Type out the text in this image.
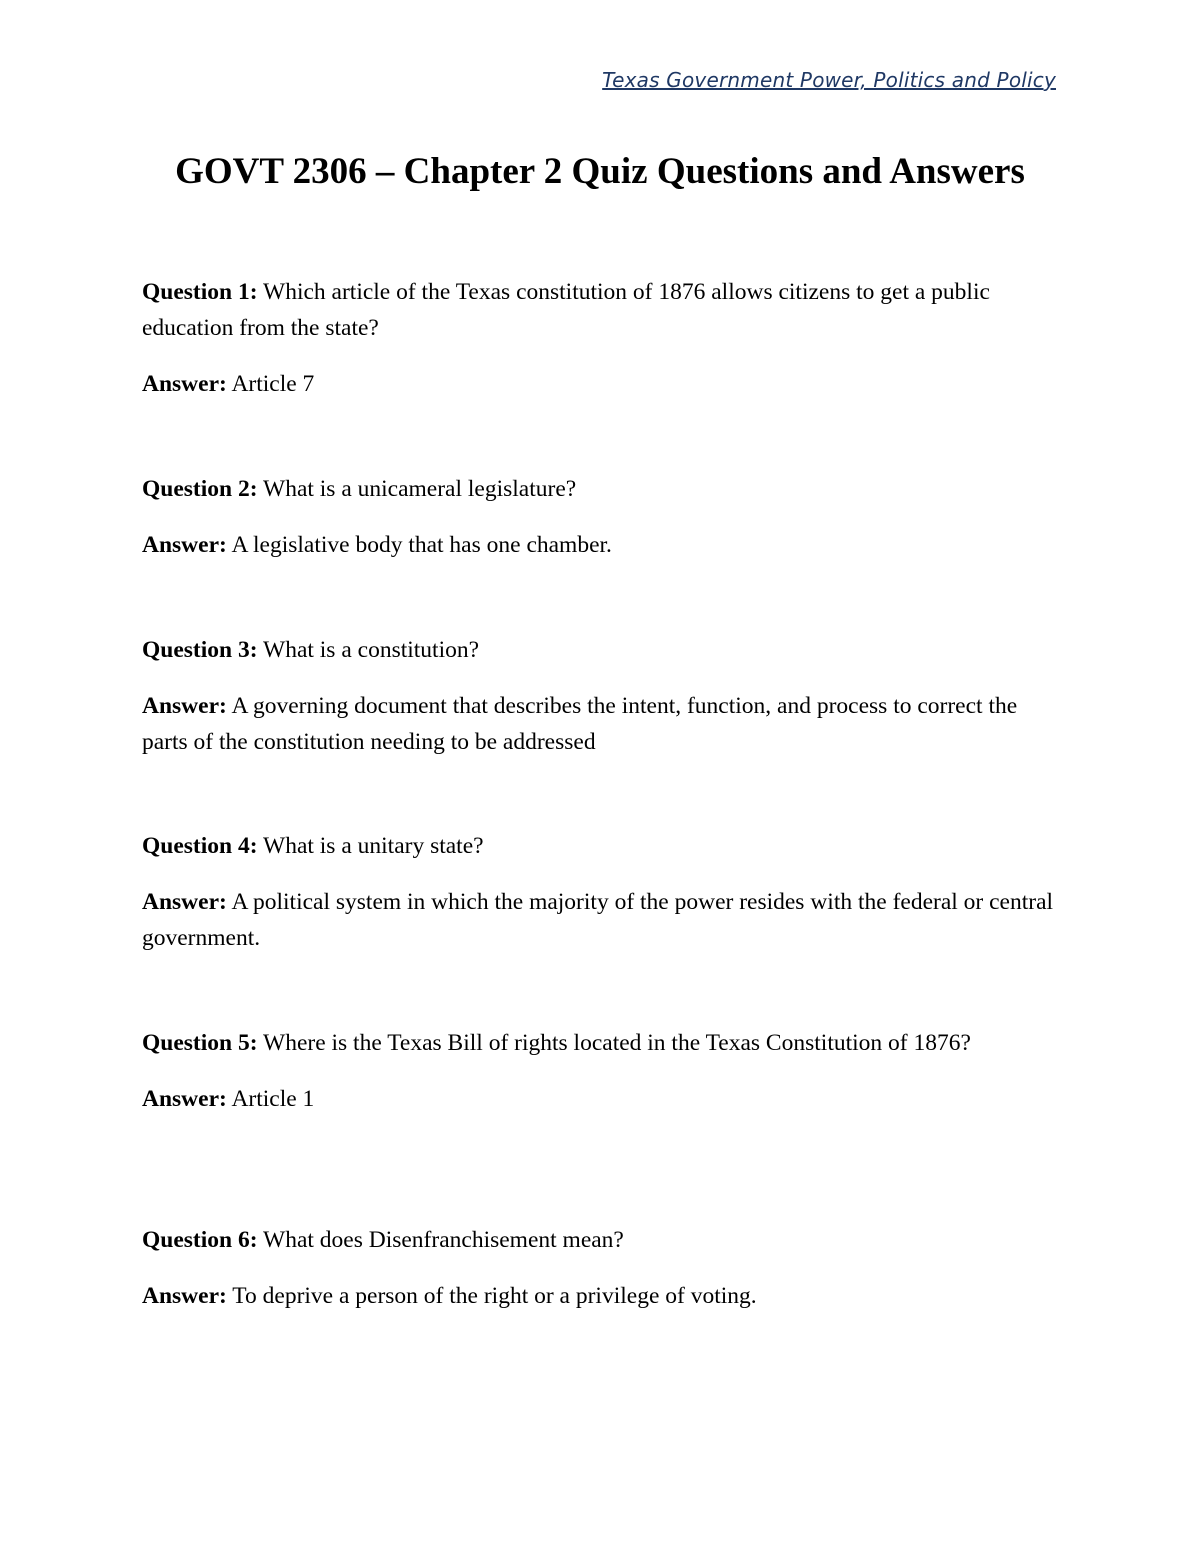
Texas Government Power, Politics and Policy
GOVT 2306 – Chapter 2 Quiz Questions and Answers

Question 1: Which article of the Texas constitution of 1876 allows citizens to get a public education from the state?

Answer: Article 7

Question 2: What is a unicameral legislature?

Answer: A legislative body that has one chamber.

Question 3: What is a constitution?

Answer: A governing document that describes the intent, function, and process to correct the parts of the constitution needing to be addressed

Question 4: What is a unitary state?

Answer: A political system in which the majority of the power resides with the federal or central government.

Question 5: Where is the Texas Bill of rights located in the Texas Constitution of 1876?

Answer: Article 1

Question 6: What does Disenfranchisement mean?

Answer: To deprive a person of the right or a privilege of voting.
